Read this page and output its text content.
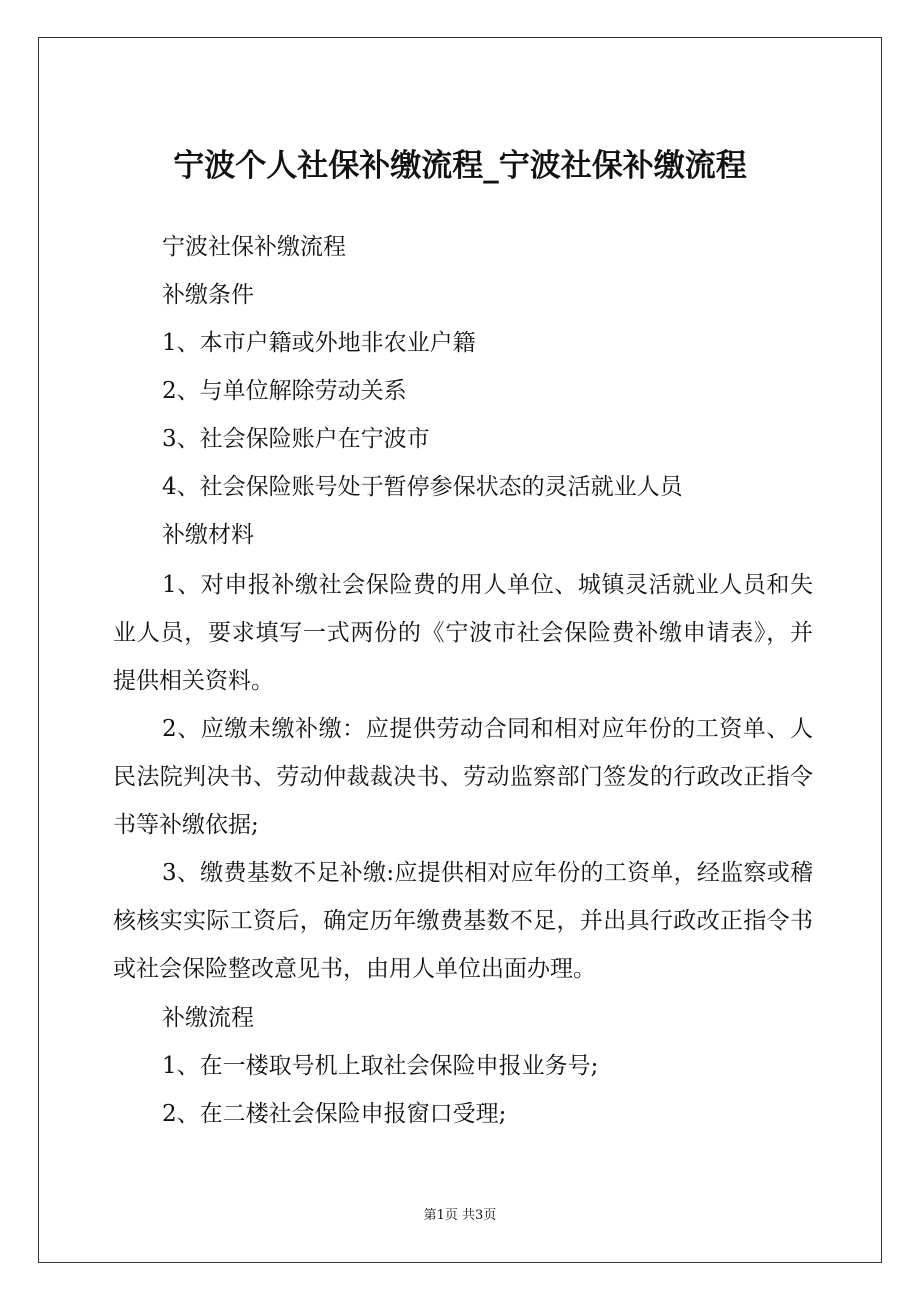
宁波个人社保补缴流程_宁波社保补缴流程
宁波社保补缴流程
补缴条件
1、本市户籍或外地非农业户籍
2、与单位解除劳动关系
3、社会保险账户在宁波市
4、社会保险账号处于暂停参保状态的灵活就业人员
补缴材料

1、对申报补缴社会保险费的用人单位、城镇灵活就业人员和失业人员，要求填写一式两份的《宁波市社会保险费补缴申请表》，并提供相关资料。

2、应缴未缴补缴：应提供劳动合同和相对应年份的工资单、人民法院判决书、劳动仲裁裁决书、劳动监察部门签发的行政改正指令书等补缴依据;

3、缴费基数不足补缴:应提供相对应年份的工资单，经监察或稽核核实实际工资后，确定历年缴费基数不足，并出具行政改正指令书或社会保险整改意见书，由用人单位出面办理。

补缴流程
1、在一楼取号机上取社会保险申报业务号;
2、在二楼社会保险申报窗口受理;
第1页 共3页
